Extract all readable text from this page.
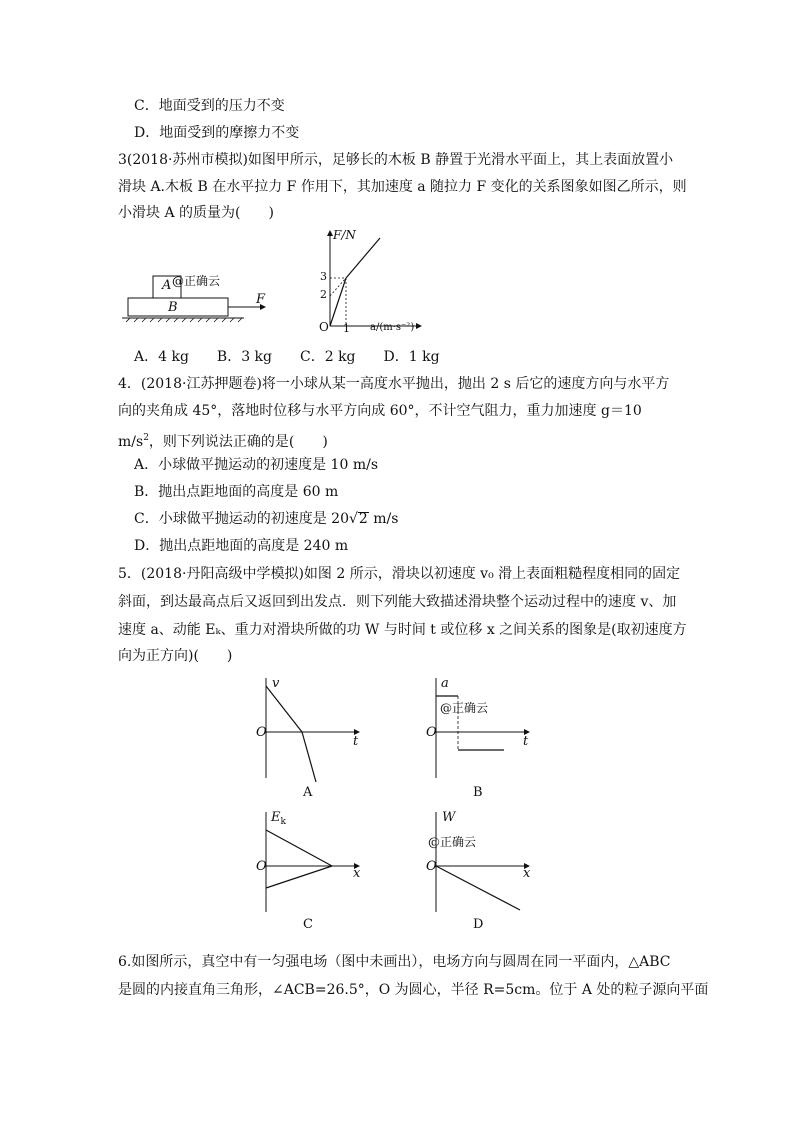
C．地面受到的压力不变
D．地面受到的摩擦力不变
3(2018·苏州市模拟)如图甲所示，足够长的木板 B 静置于光滑水平面上，其上表面放置小
滑块 A.木板 B 在水平拉力 F 作用下，其加速度 a 随拉力 F 变化的关系图象如图乙所示，则
小滑块 A 的质量为(　　)
A
B
F
@正确云
F/N
O
3
2
1 a/(m·s⁻²)
A．4 kg　　B．3 kg　　C．2 kg　　D．1 kg
4．(2018·江苏押题卷)将一小球从某一高度水平抛出，抛出 2 s 后它的速度方向与水平方
向的夹角成 45°，落地时位移与水平方向成 60°，不计空气阻力，重力加速度 g＝10
$m/s^2$，则下列说法正确的是(　　)
A．小球做平抛运动的初速度是 10 m/s
B．抛出点距地面的高度是 60 m
C．小球做平抛运动的初速度是 20√2 m/s
D．抛出点距地面的高度是 240 m
5．(2018·丹阳高级中学模拟)如图 2 所示，滑块以初速度 v₀ 滑上表面粗糙程度相同的固定
斜面，到达最高点后又返回到出发点．则下列能大致描述滑块整个运动过程中的速度 v、加
速度 a、动能 Eₖ、重力对滑块所做的功 W 与时间 t 或位移 x 之间关系的图象是(取初速度方
向为正方向)(　　)
v
O
t
A
a
@正确云
O
t
B
$E_k$
O	x
C
W
@正确云
O	x
D
6.如图所示，真空中有一匀强电场（图中未画出），电场方向与圆周在同一平面内，△ABC
是圆的内接直角三角形，∠ACB=26.5°，O 为圆心，半径 R=5cm。位于 A 处的粒子源向平面
